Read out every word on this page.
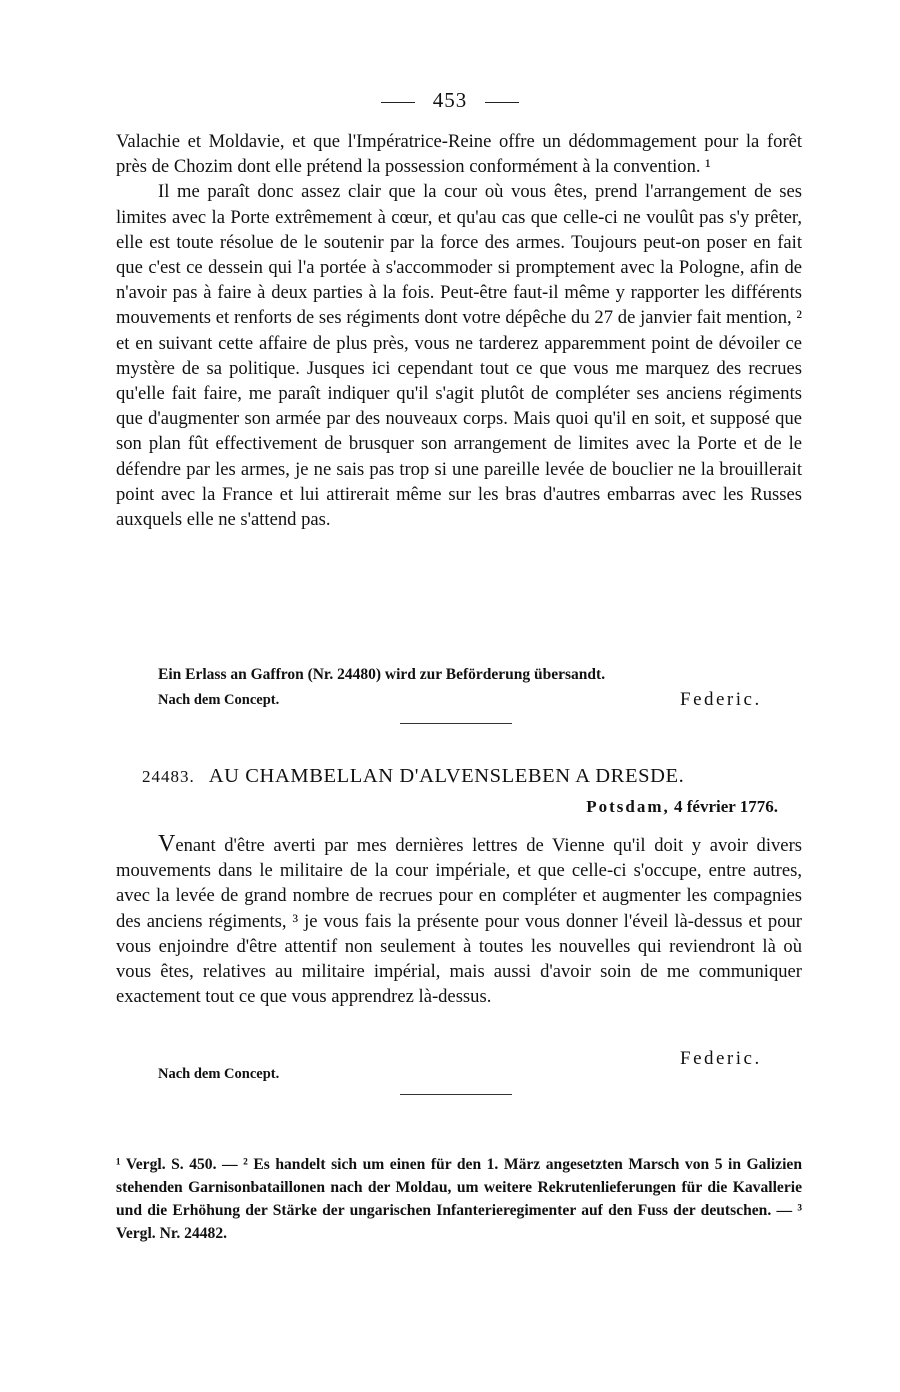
453

Valachie et Moldavie, et que l'Impératrice-Reine offre un dédommagement pour la forêt près de Chozim dont elle prétend la possession conformément à la convention. ¹

Il me paraît donc assez clair que la cour où vous êtes, prend l'arrangement de ses limites avec la Porte extrêmement à cœur, et qu'au cas que celle-ci ne voulût pas s'y prêter, elle est toute résolue de le soutenir par la force des armes. Toujours peut-on poser en fait que c'est ce dessein qui l'a portée à s'accommoder si promptement avec la Pologne, afin de n'avoir pas à faire à deux parties à la fois. Peut-être faut-il même y rapporter les différents mouvements et renforts de ses régiments dont votre dépêche du 27 de janvier fait mention, ² et en suivant cette affaire de plus près, vous ne tarderez apparemment point de dévoiler ce mystère de sa politique. Jusques ici cependant tout ce que vous me marquez des recrues qu'elle fait faire, me paraît indiquer qu'il s'agit plutôt de compléter ses anciens régiments que d'augmenter son armée par des nouveaux corps. Mais quoi qu'il en soit, et supposé que son plan fût effectivement de brusquer son arrangement de limites avec la Porte et de le défendre par les armes, je ne sais pas trop si une pareille levée de bouclier ne la brouillerait point avec la France et lui attirerait même sur les bras d'autres embarras avec les Russes auxquels elle ne s'attend pas.

Ein Erlass an Gaffron (Nr. 24480) wird zur Beförderung übersandt.
Nach dem Concept.	Federic.
24483. AU CHAMBELLAN D'ALVENSLEBEN A DRESDE.
Potsdam, 4 février 1776.

Venant d'être averti par mes dernières lettres de Vienne qu'il doit y avoir divers mouvements dans le militaire de la cour impériale, et que celle-ci s'occupe, entre autres, avec la levée de grand nombre de recrues pour en compléter et augmenter les compagnies des anciens régiments, ³ je vous fais la présente pour vous donner l'éveil là-dessus et pour vous enjoindre d'être attentif non seulement à toutes les nouvelles qui reviendront là où vous êtes, relatives au militaire impérial, mais aussi d'avoir soin de me communiquer exactement tout ce que vous apprendrez là-dessus.

Federic.
Nach dem Concept.
¹ Vergl. S. 450. — ² Es handelt sich um einen für den 1. März angesetzten Marsch von 5 in Galizien stehenden Garnisonbataillonen nach der Moldau, um weitere Rekrutenlieferungen für die Kavallerie und die Erhöhung der Stärke der ungarischen Infanterieregimenter auf den Fuss der deutschen. — ³ Vergl. Nr. 24482.
